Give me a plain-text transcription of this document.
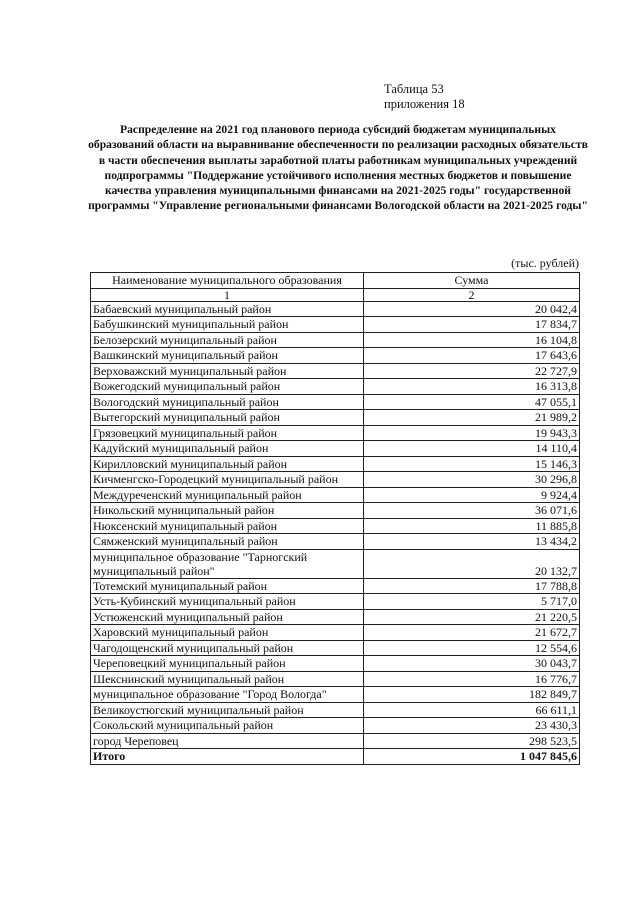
Таблица 53
приложения 18
Распределение на 2021 год планового периода субсидий бюджетам муниципальных образований области на выравнивание обеспеченности по реализации расходных обязательств в части обеспечения выплаты заработной платы работникам муниципальных учреждений подпрограммы "Поддержание устойчивого исполнения местных бюджетов и повышение качества управления муниципальными финансами на 2021-2025 годы" государственной программы "Управление региональными финансами Вологодской области на 2021-2025 годы"
(тыс. рублей)
Наименование муниципального образования	Сумма
1	2
Бабаевский муниципальный район	20 042,4
Бабушкинский муниципальный район	17 834,7
Белозерский муниципальный район	16 104,8
Вашкинский муниципальный район	17 643,6
Верховажский муниципальный район	22 727,9
Вожегодский муниципальный район	16 313,8
Вологодский муниципальный район	47 055,1
Вытегорский муниципальный район	21 989,2
Грязовецкий муниципальный район	19 943,3
Кадуйский муниципальный район	14 110,4
Кирилловский муниципальный район	15 146,3
Кичменгско-Городецкий муниципальный район	30 296,8
Междуреченский муниципальный район	9 924,4
Никольский муниципальный район	36 071,6
Нюксенский муниципальный район	11 885,8
Сямженский муниципальный район	13 434,2
муниципальное образование "Тарногский муниципальный район"	20 132,7
Тотемский муниципальный район	17 788,8
Усть-Кубинский муниципальный район	5 717,0
Устюженский муниципальный район	21 220,5
Харовский муниципальный район	21 672,7
Чагодощенский муниципальный район	12 554,6
Череповецкий муниципальный район	30 043,7
Шекснинский муниципальный район	16 776,7
муниципальное образование "Город Вологда"	182 849,7
Великоустюгский муниципальный район	66 611,1
Сокольский муниципальный район	23 430,3
город Череповец	298 523,5
Итого	1 047 845,6
